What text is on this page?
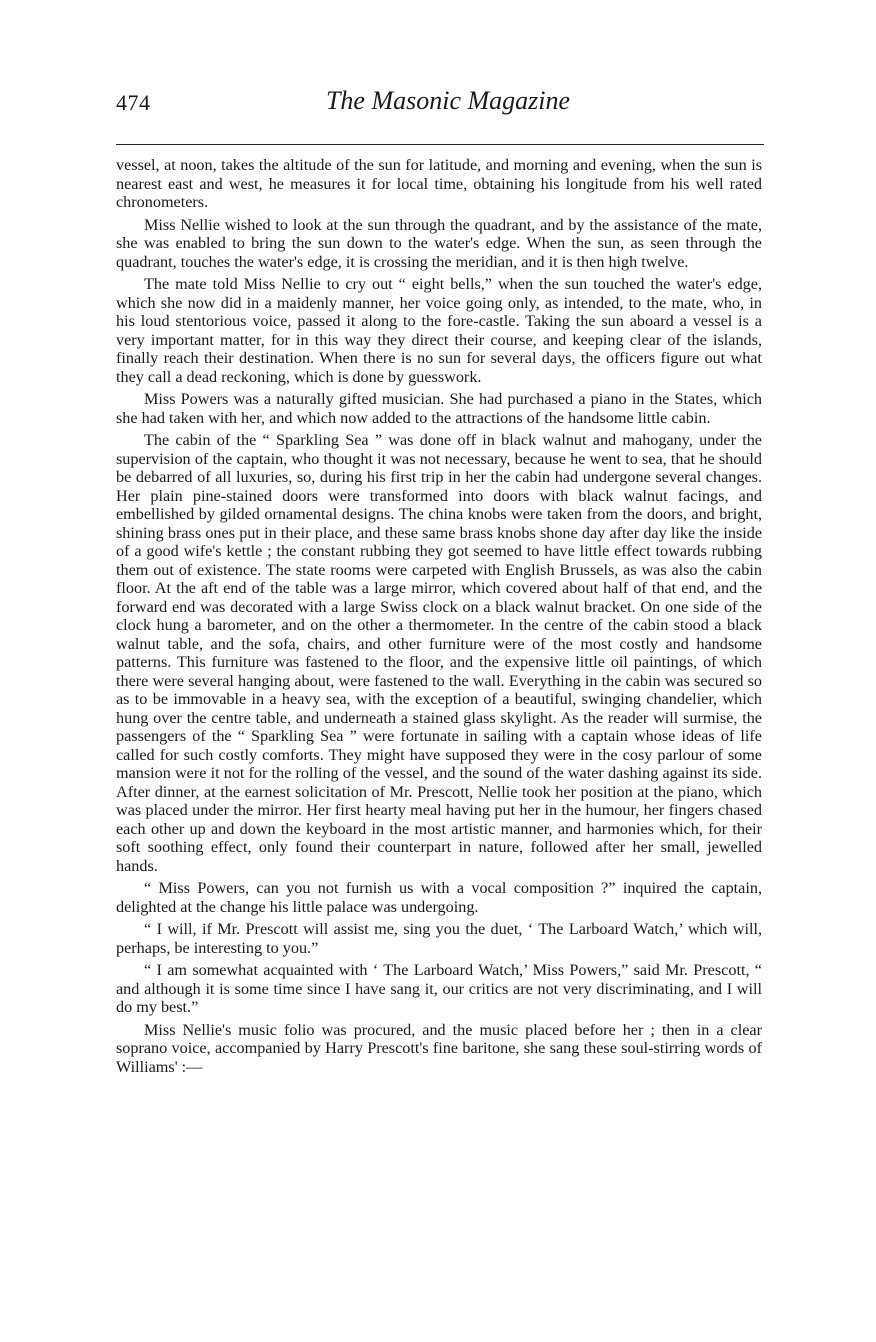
474	The Masonic Magazine

vessel, at noon, takes the altitude of the sun for latitude, and morning and evening, when the sun is nearest east and west, he measures it for local time, obtaining his longitude from his well rated chronometers.

Miss Nellie wished to look at the sun through the quadrant, and by the assistance of the mate, she was enabled to bring the sun down to the water's edge. When the sun, as seen through the quadrant, touches the water's edge, it is crossing the meridian, and it is then high twelve.

The mate told Miss Nellie to cry out “ eight bells,” when the sun touched the water's edge, which she now did in a maidenly manner, her voice going only, as intended, to the mate, who, in his loud stentorious voice, passed it along to the fore-castle. Taking the sun aboard a vessel is a very important matter, for in this way they direct their course, and keeping clear of the islands, finally reach their destination. When there is no sun for several days, the officers figure out what they call a dead reckoning, which is done by guesswork.

Miss Powers was a naturally gifted musician. She had purchased a piano in the States, which she had taken with her, and which now added to the attractions of the handsome little cabin.

The cabin of the “ Sparkling Sea ” was done off in black walnut and mahogany, under the supervision of the captain, who thought it was not necessary, because he went to sea, that he should be debarred of all luxuries, so, during his first trip in her the cabin had undergone several changes. Her plain pine-stained doors were transformed into doors with black walnut facings, and embellished by gilded ornamental designs. The china knobs were taken from the doors, and bright, shining brass ones put in their place, and these same brass knobs shone day after day like the inside of a good wife's kettle ; the constant rubbing they got seemed to have little effect towards rubbing them out of existence. The state rooms were carpeted with English Brussels, as was also the cabin floor. At the aft end of the table was a large mirror, which covered about half of that end, and the forward end was decorated with a large Swiss clock on a black walnut bracket. On one side of the clock hung a barometer, and on the other a thermometer. In the centre of the cabin stood a black walnut table, and the sofa, chairs, and other furniture were of the most costly and handsome patterns. This furniture was fastened to the floor, and the expensive little oil paintings, of which there were several hanging about, were fastened to the wall. Everything in the cabin was secured so as to be immovable in a heavy sea, with the exception of a beautiful, swinging chandelier, which hung over the centre table, and underneath a stained glass skylight. As the reader will surmise, the passengers of the “ Sparkling Sea ” were fortunate in sailing with a captain whose ideas of life called for such costly comforts. They might have supposed they were in the cosy parlour of some mansion were it not for the rolling of the vessel, and the sound of the water dashing against its side. After dinner, at the earnest solicitation of Mr. Prescott, Nellie took her position at the piano, which was placed under the mirror. Her first hearty meal having put her in the humour, her fingers chased each other up and down the keyboard in the most artistic manner, and harmonies which, for their soft soothing effect, only found their counterpart in nature, followed after her small, jewelled hands.

“ Miss Powers, can you not furnish us with a vocal composition ?” inquired the captain, delighted at the change his little palace was undergoing.

“ I will, if Mr. Prescott will assist me, sing you the duet, ‘ The Larboard Watch,’ which will, perhaps, be interesting to you.”

“ I am somewhat acquainted with ‘ The Larboard Watch,’ Miss Powers,” said Mr. Prescott, “ and although it is some time since I have sang it, our critics are not very discriminating, and I will do my best.”

Miss Nellie's music folio was procured, and the music placed before her ; then in a clear soprano voice, accompanied by Harry Prescott's fine baritone, she sang these soul-stirring words of Williams' :—
